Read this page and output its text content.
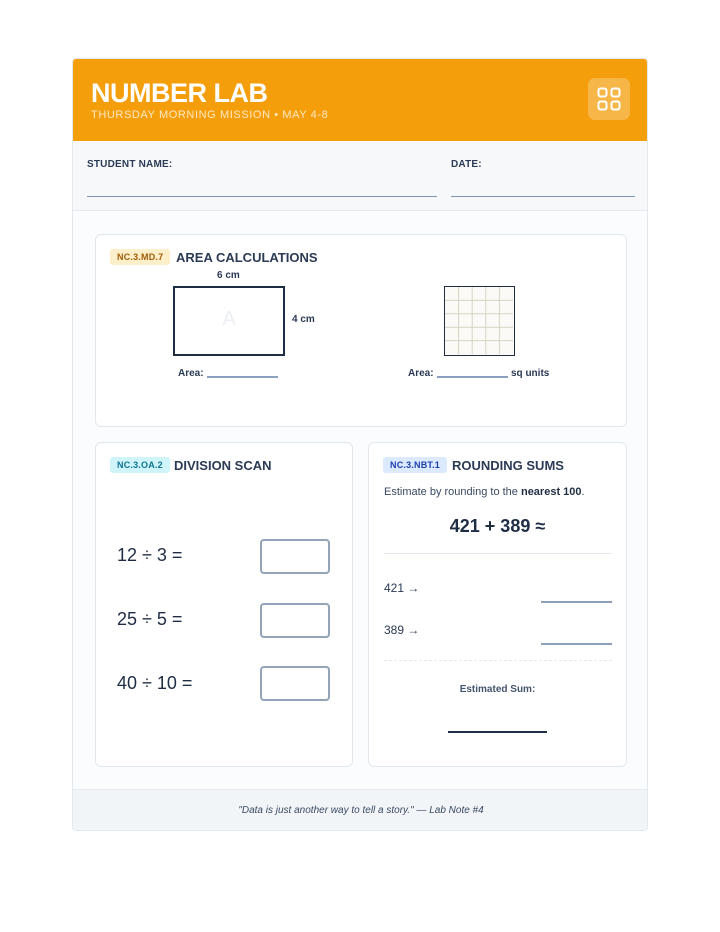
NUMBER LAB
THURSDAY MORNING MISSION • MAY 4-8
STUDENT NAME:	DATE:
NC.3.MD.7 AREA CALCULATIONS
6 cm
A	4 cm
Area:	Area:	sq units
NC.3.OA.2 DIVISION SCAN
12 ÷ 3 =
25 ÷ 5 =
40 ÷ 10 =
NC.3.NBT.1 ROUNDING SUMS
Estimate by rounding to the nearest 100.
421 + 389 ≈
421 →
389 →
Estimated Sum:
"Data is just another way to tell a story." — Lab Note #4
